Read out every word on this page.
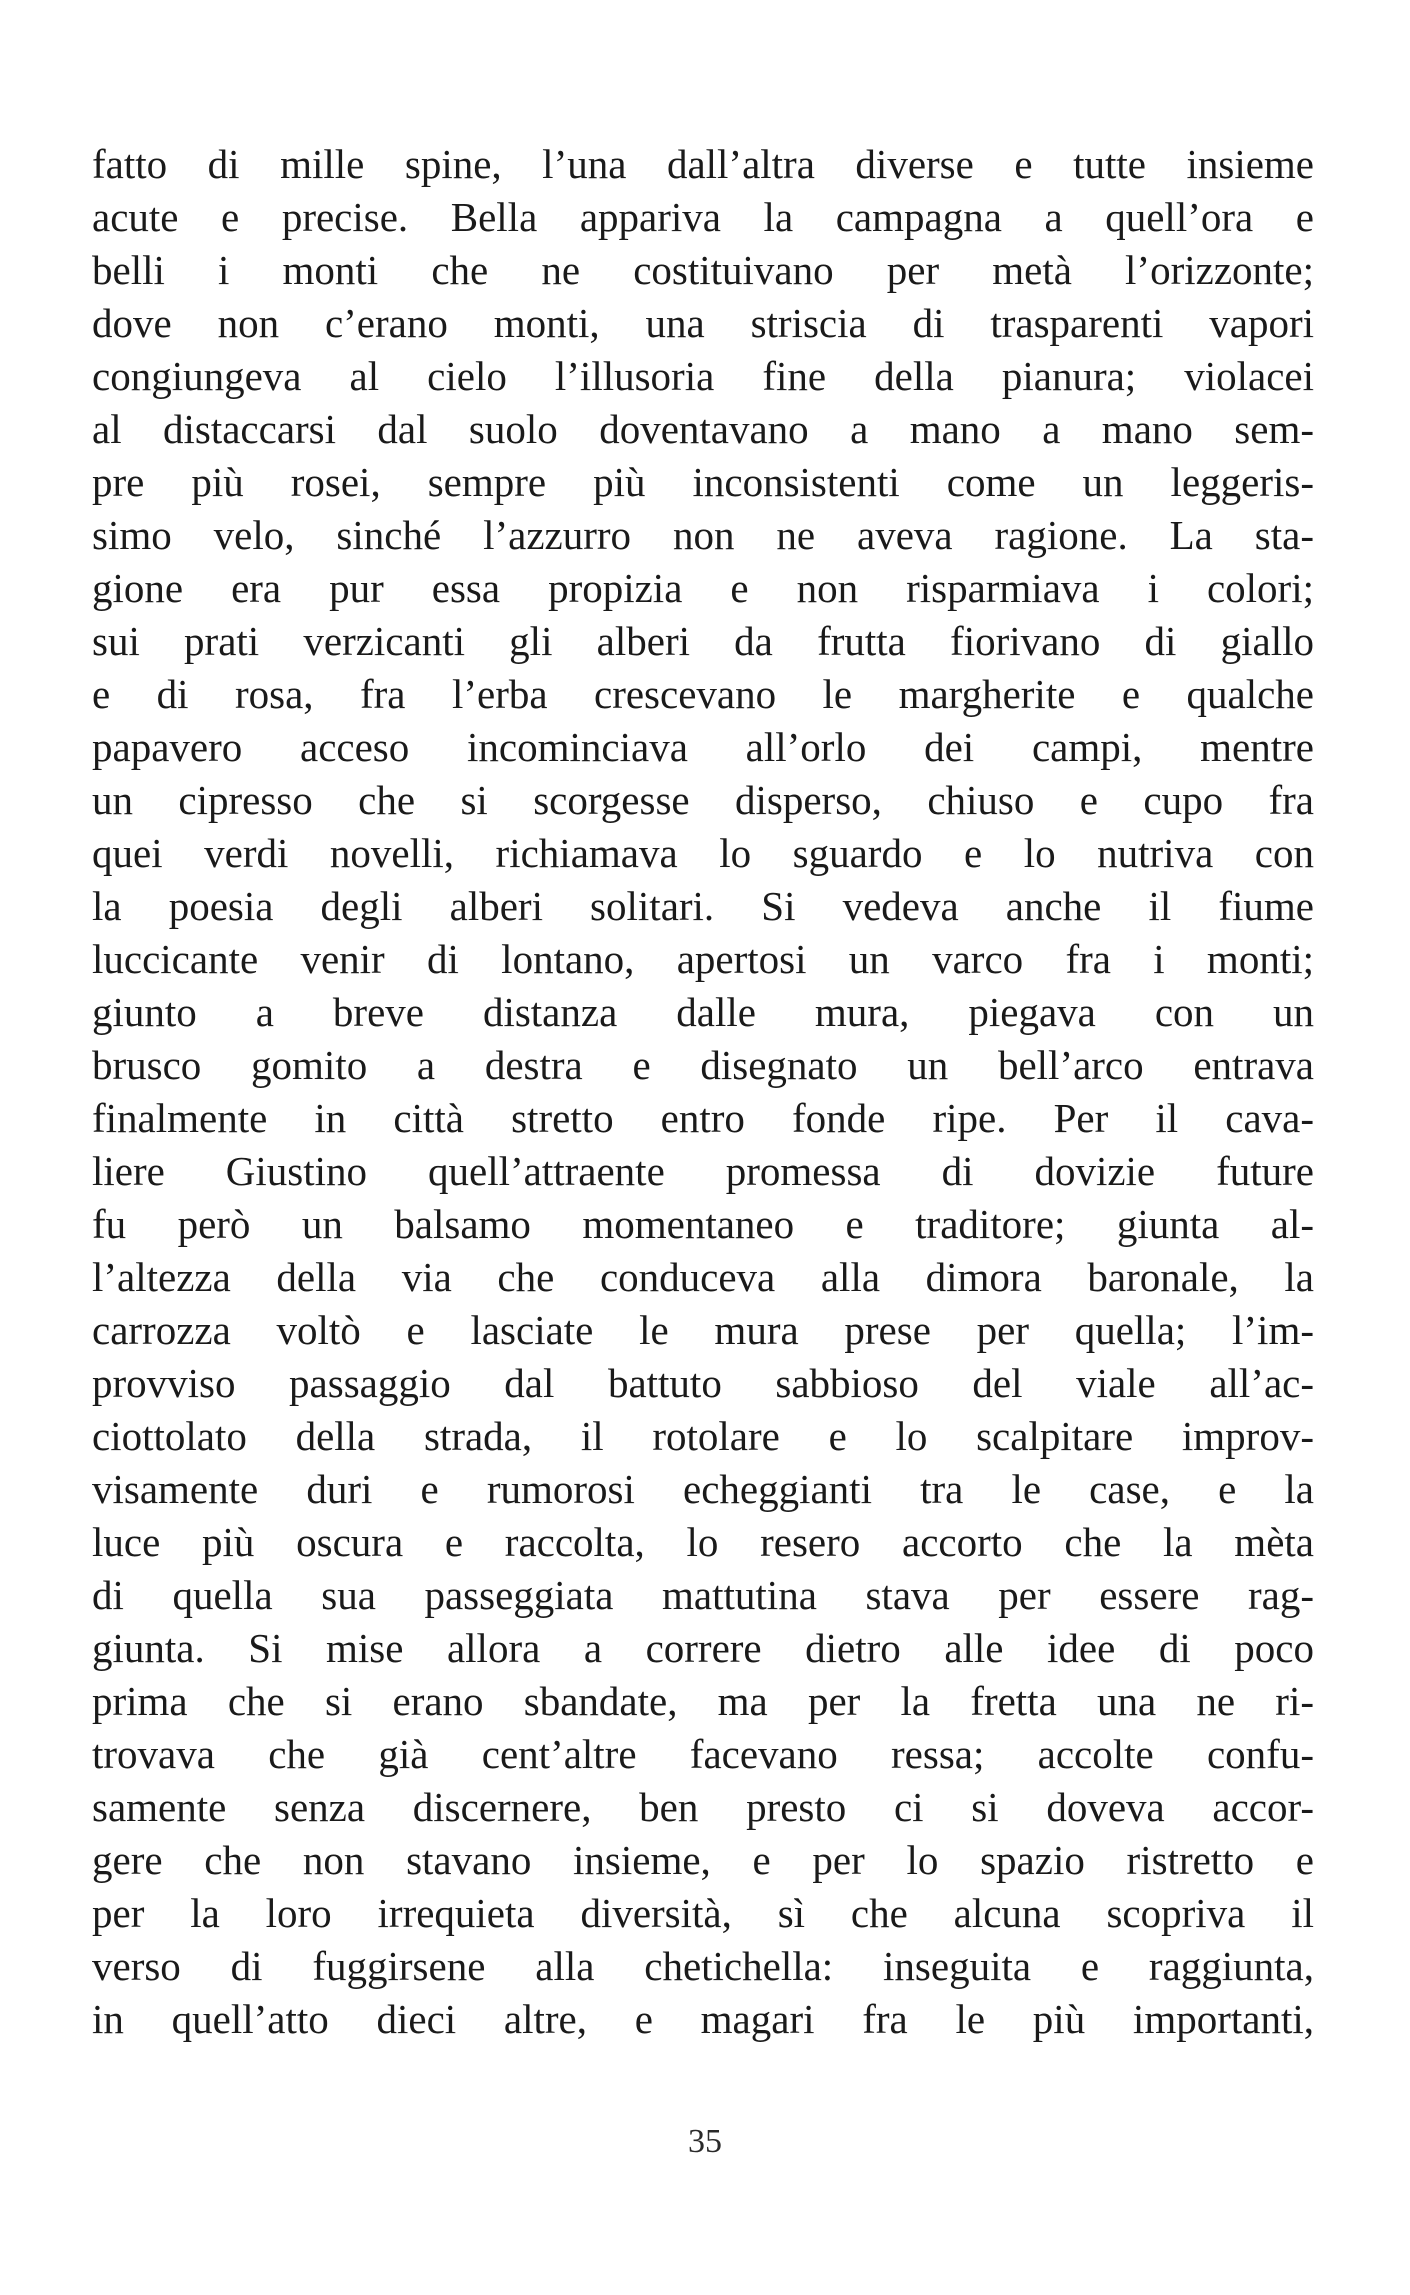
fatto di mille spine, l’una dall’altra diverse e tutte insieme
acute e precise. Bella appariva la campagna a quell’ora e
belli i monti che ne costituivano per metà l’orizzonte;
dove non c’erano monti, una striscia di trasparenti vapori
congiungeva al cielo l’illusoria fine della pianura; violacei
al distaccarsi dal suolo doventavano a mano a mano sem-
pre più rosei, sempre più inconsistenti come un leggeris-
simo velo, sinché l’azzurro non ne aveva ragione. La sta-
gione era pur essa propizia e non risparmiava i colori;
sui prati verzicanti gli alberi da frutta fiorivano di giallo
e di rosa, fra l’erba crescevano le margherite e qualche
papavero acceso incominciava all’orlo dei campi, mentre
un cipresso che si scorgesse disperso, chiuso e cupo fra
quei verdi novelli, richiamava lo sguardo e lo nutriva con
la poesia degli alberi solitari. Si vedeva anche il fiume
luccicante venir di lontano, apertosi un varco fra i monti;
giunto a breve distanza dalle mura, piegava con un
brusco gomito a destra e disegnato un bell’arco entrava
finalmente in città stretto entro fonde ripe. Per il cava-
liere Giustino quell’attraente promessa di dovizie future
fu però un balsamo momentaneo e traditore; giunta al-
l’altezza della via che conduceva alla dimora baronale, la
carrozza voltò e lasciate le mura prese per quella; l’im-
provviso passaggio dal battuto sabbioso del viale all’ac-
ciottolato della strada, il rotolare e lo scalpitare improv-
visamente duri e rumorosi echeggianti tra le case, e la
luce più oscura e raccolta, lo resero accorto che la mèta
di quella sua passeggiata mattutina stava per essere rag-
giunta. Si mise allora a correre dietro alle idee di poco
prima che si erano sbandate, ma per la fretta una ne ri-
trovava che già cent’altre facevano ressa; accolte confu-
samente senza discernere, ben presto ci si doveva accor-
gere che non stavano insieme, e per lo spazio ristretto e
per la loro irrequieta diversità, sì che alcuna scopriva il
verso di fuggirsene alla chetichella: inseguita e raggiunta,
in quell’atto dieci altre, e magari fra le più importanti,
35
